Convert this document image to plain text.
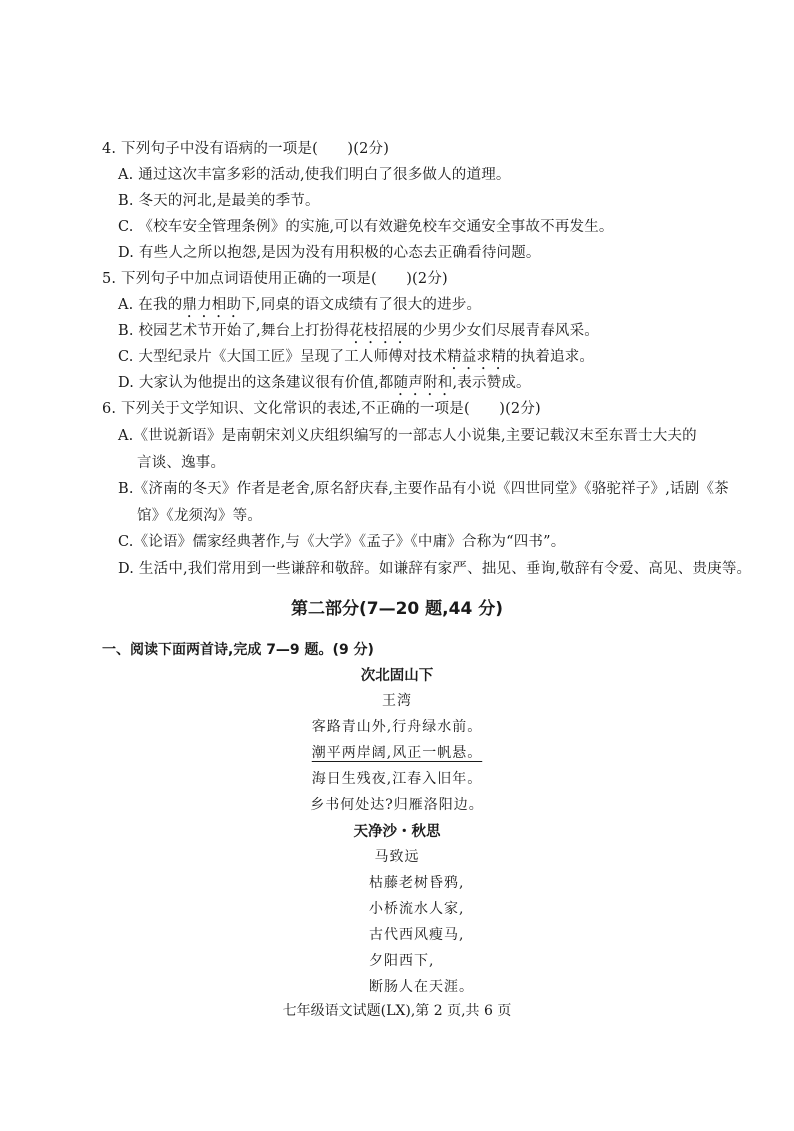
4. 下列句子中没有语病的一项是(　　)(2分)
A. 通过这次丰富多彩的活动,使我们明白了很多做人的道理。
B. 冬天的河北,是最美的季节。
C. 《校车安全管理条例》的实施,可以有效避免校车交通安全事故不再发生。
D. 有些人之所以抱怨,是因为没有用积极的心态去正确看待问题。
5. 下列句子中加点词语使用正确的一项是(　　)(2分)
A. 在我的鼎力相助下,同桌的语文成绩有了很大的进步。
B. 校园艺术节开始了,舞台上打扮得花枝招展的少男少女们尽展青春风采。
C. 大型纪录片《大国工匠》呈现了工人师傅对技术精益求精的执着追求。
D. 大家认为他提出的这条建议很有价值,都随声附和,表示赞成。
6. 下列关于文学知识、文化常识的表述,不正确的一项是(　　)(2分)
A.《世说新语》是南朝宋刘义庆组织编写的一部志人小说集,主要记载汉末至东晋士大夫的
言谈、逸事。
B.《济南的冬天》作者是老舍,原名舒庆春,主要作品有小说《四世同堂》《骆驼祥子》,话剧《茶
馆》《龙须沟》等。
C.《论语》儒家经典著作,与《大学》《孟子》《中庸》合称为“四书”。
D. 生活中,我们常用到一些谦辞和敬辞。如谦辞有家严、拙见、垂询,敬辞有令爱、高见、贵庚等。
第二部分(7—20 题,44 分)
一、阅读下面两首诗,完成 7—9 题。(9 分)
次北固山下
王湾
客路青山外,行舟绿水前。
潮平两岸阔,风正一帆悬。
海日生残夜,江春入旧年。
乡书何处达?归雁洛阳边。
天净沙・秋思
马致远
枯藤老树昏鸦,
小桥流水人家,
古代西风瘦马,
夕阳西下,
断肠人在天涯。
七年级语文试题(LX),第 2 页,共 6 页
